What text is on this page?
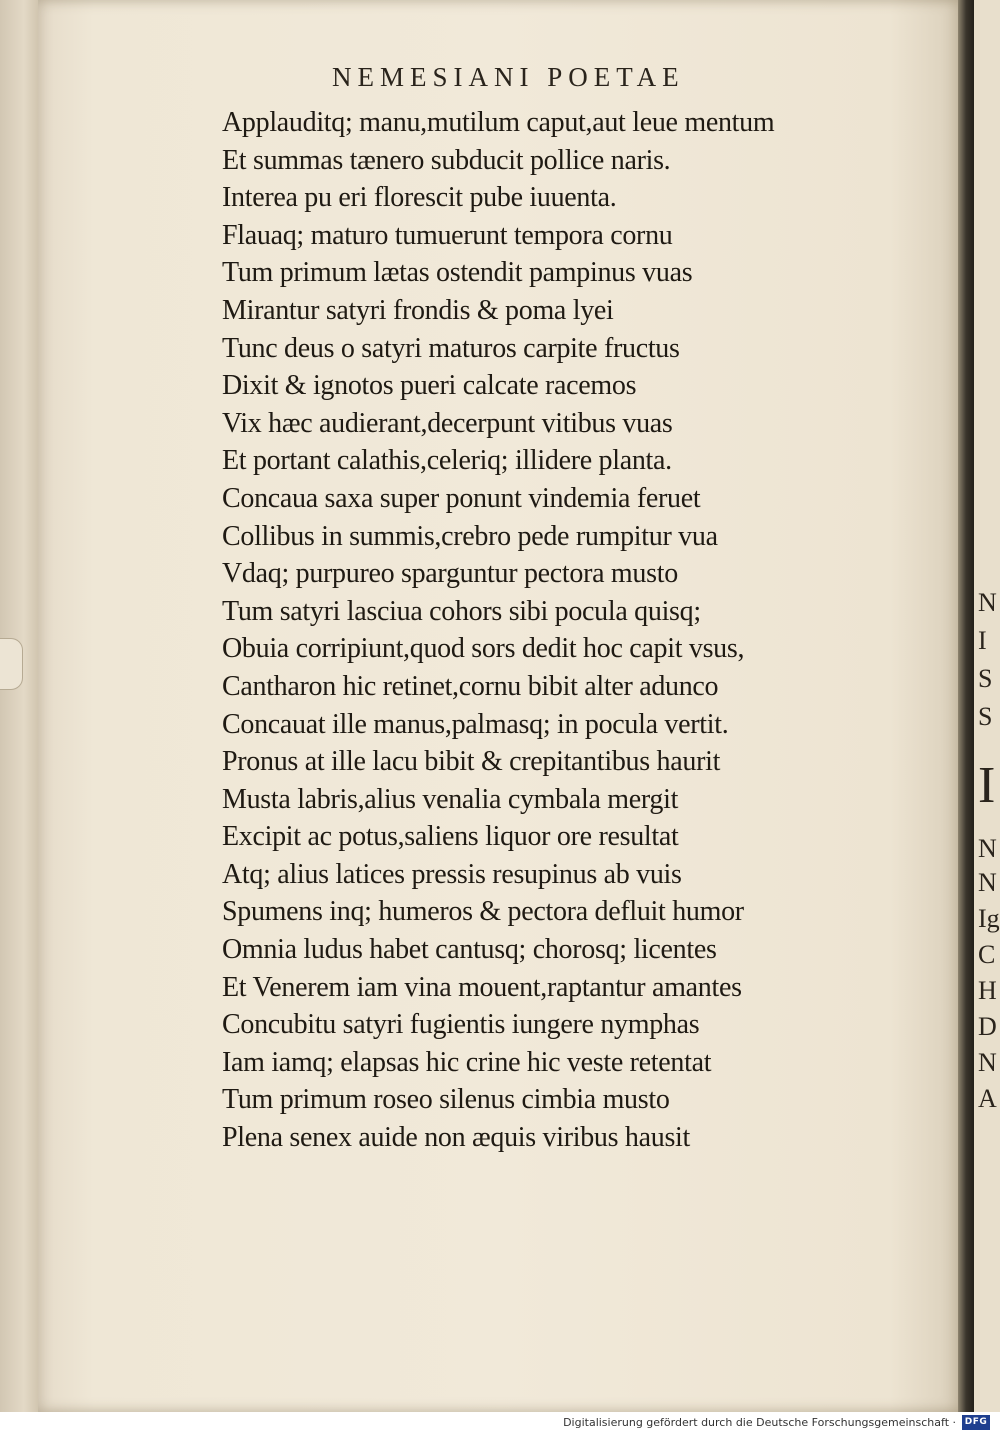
NEMESIANI POETAE
Applauditq; manu,mutilum caput,aut leue mentum
Et summas tænero subducit pollice naris.
Interea pu eri florescit pube iuuenta.
Flauaq; maturo tumuerunt tempora cornu
Tum primum lætas ostendit pampinus vuas
Mirantur satyri frondis & poma lyei
Tunc deus o satyri maturos carpite fructus
Dixit & ignotos pueri calcate racemos
Vix hæc audierant,decerpunt vitibus vuas
Et portant calathis,celeriq; illidere planta.
Concaua saxa super ponunt vindemia feruet
Collibus in summis,crebro pede rumpitur vua
Vdaq; purpureo sparguntur pectora musto
Tum satyri lasciua cohors sibi pocula quisq;
Obuia corripiunt,quod sors dedit hoc capit vsus,
Cantharon hic retinet,cornu bibit alter adunco
Concauat ille manus,palmasq; in pocula vertit.
Pronus at ille lacu bibit & crepitantibus haurit
Musta labris,alius venalia cymbala mergit
Excipit ac potus,saliens liquor ore resultat
Atq; alius latices pressis resupinus ab vuis
Spumens inq; humeros & pectora defluit humor
Omnia ludus habet cantusq; chorosq; licentes
Et Venerem iam vina mouent,raptantur amantes
Concubitu satyri fugientis iungere nymphas
Iam iamq; elapsas hic crine hic veste retentat
Tum primum roseo silenus cimbia musto
Plena senex auide non æquis viribus hausit
N
I
S
S
I
N
N
Ig
C
H
D
N
A
Digitalisierung gefördert durch die Deutsche Forschungsgemeinschaft · DFG
